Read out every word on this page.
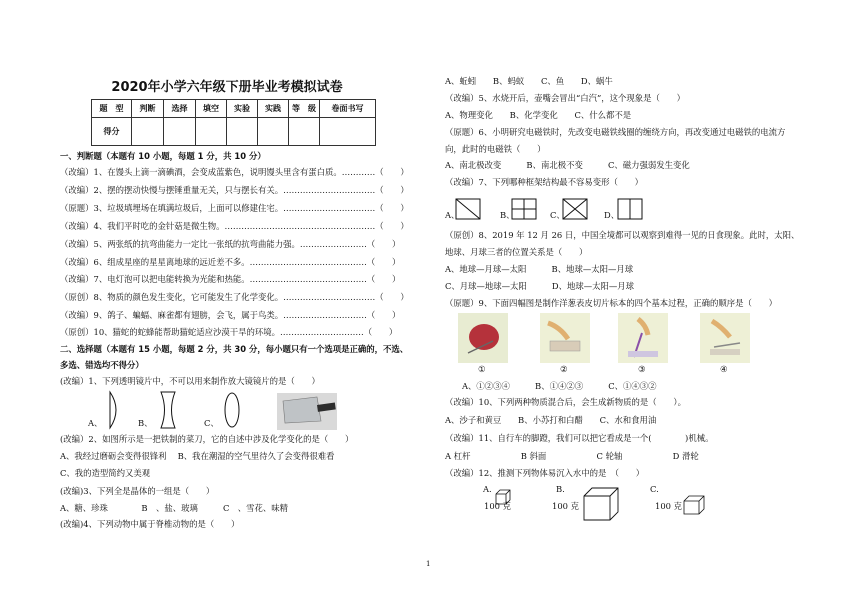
2020年小学六年级下册毕业考模拟试卷
题　型	判断	选择	填空	实验	实践	等　级	卷面书写
得分							
一、判断题（本题有 10 小题，每题 1 分，共 10 分）
（改编）1、在馒头上滴一滴碘酒，会变成蓝紫色，说明馒头里含有蛋白质。…………（　　）
（改编）2、摆的摆动快慢与摆锤重量无关，只与摆长有关。……………………………（　　）
（原题）3、垃圾填埋场在填满垃圾后，上面可以修建住宅。……………………………（　　）
（改编）4、我们平时吃的金针菇是微生物。………………………………………………（　　）
（改编）5、两张纸的抗弯曲能力一定比一张纸的抗弯曲能力强。……………………（　　）
（改编）6、组成星座的星星离地球的远近差不多。……………………………………（　　）
（改编）7、电灯泡可以把电能转换为光能和热能。……………………………………（　　）
（原创）8、物质的颜色发生变化，它可能发生了化学变化。……………………………（　　）
（改编）9、鸽子、蝙蝠、麻雀都有翅膀，会飞，属于鸟类。…………………………（　　）
（原创）10、猫蛇的蛇蜂能帮助猫蛇适应沙漠干旱的环境。…………………………（　　）
二、选择题（本题有 15 小题，每题 2 分，共 30 分，每小题只有一个选项是正确的，不选、
多选、错选均不得分）
(改编）1、下列透明镜片中，不可以用来制作放大镜镜片的是（　　）
A、	B、	C、
(改编）2、如图所示是一把铁制的菜刀，它的自述中涉及化学变化的是（　　）
A、我经过磨砺会变得很锋利　 B、我在潮湿的空气里待久了会变得很难看
C、我的造型简约又美观
(改编)3、下列全是晶体的一组是（　　）
A、糖、珍珠　　　　B　、盐、玻璃　　　C　、雪花、味精
(改编)4、下列动物中属于脊椎动物的是（　　）
A、蚯蚓　　B、蚂蚁　　C、鱼　　D、蜗牛
（改编）5、水烧开后，壶嘴会冒出“白汽”，这个现象是（　　）
A、物理变化　　B、化学变化　　C、什么都不是
（原题）6、小明研究电磁铁时，先改变电磁铁线圈的缠绕方向，再改变通过电磁铁的电流方
向，此时的电磁铁（　　）
A、南北极改变　　　B、南北极不变　　　C、磁力强弱发生变化
（改编）7、下列哪种框架结构最不容易变形（　　）
A、	B、	C、	D、
（原创）8、2019 年 12 月 26 日，中国全境都可以观察到难得一见的日食现象。此时，太阳、
地球、月球三者的位置关系是（　　）
A、地球—月球—太阳　　　B、地球—太阳—月球
C、月球—地球—太阳　　　D、地球—太阳—月球
（原题）9、下面四幅图是制作洋葱表皮切片标本的四个基本过程，正确的顺序是（　　）
①	②	③	④
A、①②③④　　　B、①④②③　　　C、①④③②
（改编）10、下列两种物质混合后，会生成新物质的是（　　）。
A、沙子和黄豆　　B、小苏打和白醋　　C、水和食用油
（改编）11、自行车的脚蹬，我们可以把它看成是一个(　　　　)机械。
A 杠杆　　　　　　B 斜面　　　　　　C 轮轴　　　　　　D 滑轮
（改编）12、推测下列物体易沉入水中的是　（　　）
A.
100 克
B.
100 克
C.
100 克
1
